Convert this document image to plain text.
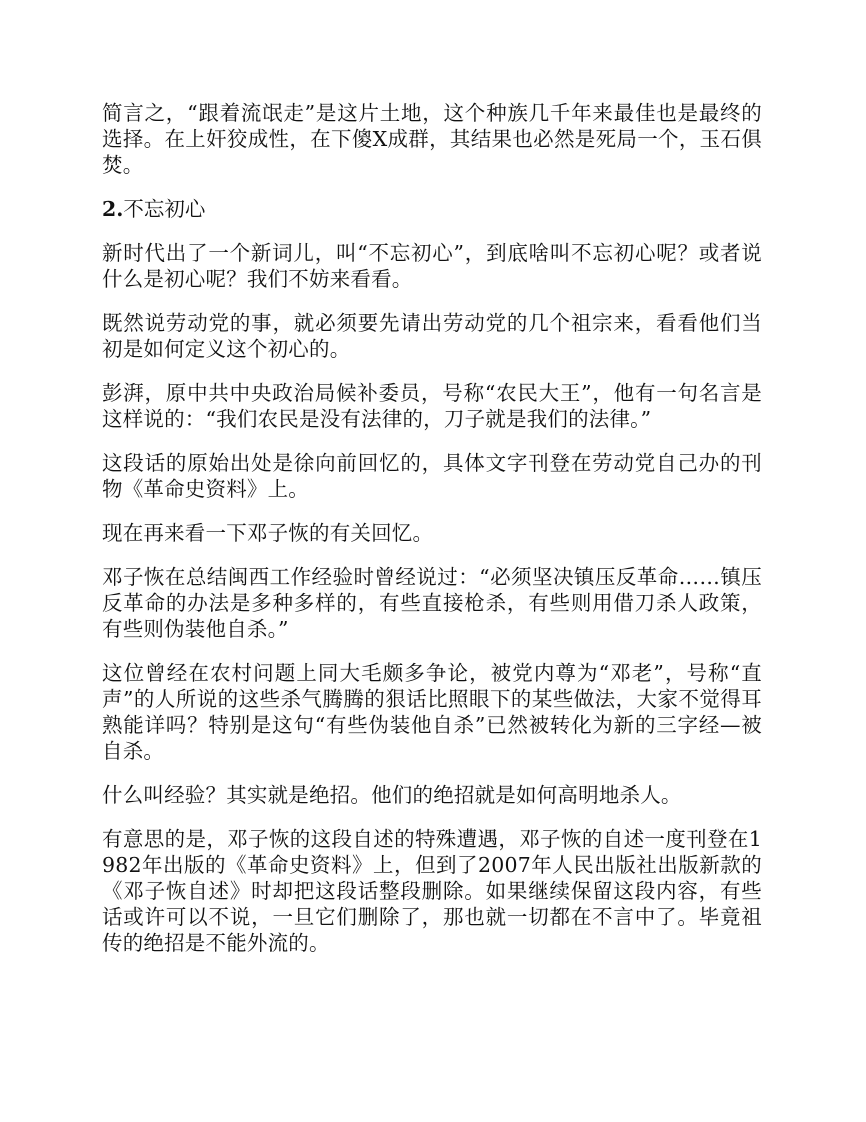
简言之，“跟着流氓走”是这片土地，这个种族几千年来最佳也是最终的选择。在上奸狡成性，在下傻X成群，其结果也必然是死局一个，玉石俱焚。

2.不忘初心

新时代出了一个新词儿，叫“不忘初心”，到底啥叫不忘初心呢？或者说什么是初心呢？我们不妨来看看。

既然说劳动党的事，就必须要先请出劳动党的几个祖宗来，看看他们当初是如何定义这个初心的。

彭湃，原中共中央政治局候补委员，号称“农民大王”，他有一句名言是这样说的：“我们农民是没有法律的，刀子就是我们的法律。”

这段话的原始出处是徐向前回忆的，具体文字刊登在劳动党自己办的刊物《革命史资料》上。

现在再来看一下邓子恢的有关回忆。

邓子恢在总结闽西工作经验时曾经说过：“必须坚决镇压反革命……镇压反革命的办法是多种多样的，有些直接枪杀，有些则用借刀杀人政策，有些则伪装他自杀。”

这位曾经在农村问题上同大毛颇多争论，被党内尊为“邓老”，号称“直声”的人所说的这些杀气腾腾的狠话比照眼下的某些做法，大家不觉得耳熟能详吗？特别是这句“有些伪装他自杀”已然被转化为新的三字经—被自杀。

什么叫经验？其实就是绝招。他们的绝招就是如何高明地杀人。

有意思的是，邓子恢的这段自述的特殊遭遇，邓子恢的自述一度刊登在1982年出版的《革命史资料》上，但到了2007年人民出版社出版新款的《邓子恢自述》时却把这段话整段删除。如果继续保留这段内容，有些话或许可以不说，一旦它们删除了，那也就一切都在不言中了。毕竟祖传的绝招是不能外流的。
